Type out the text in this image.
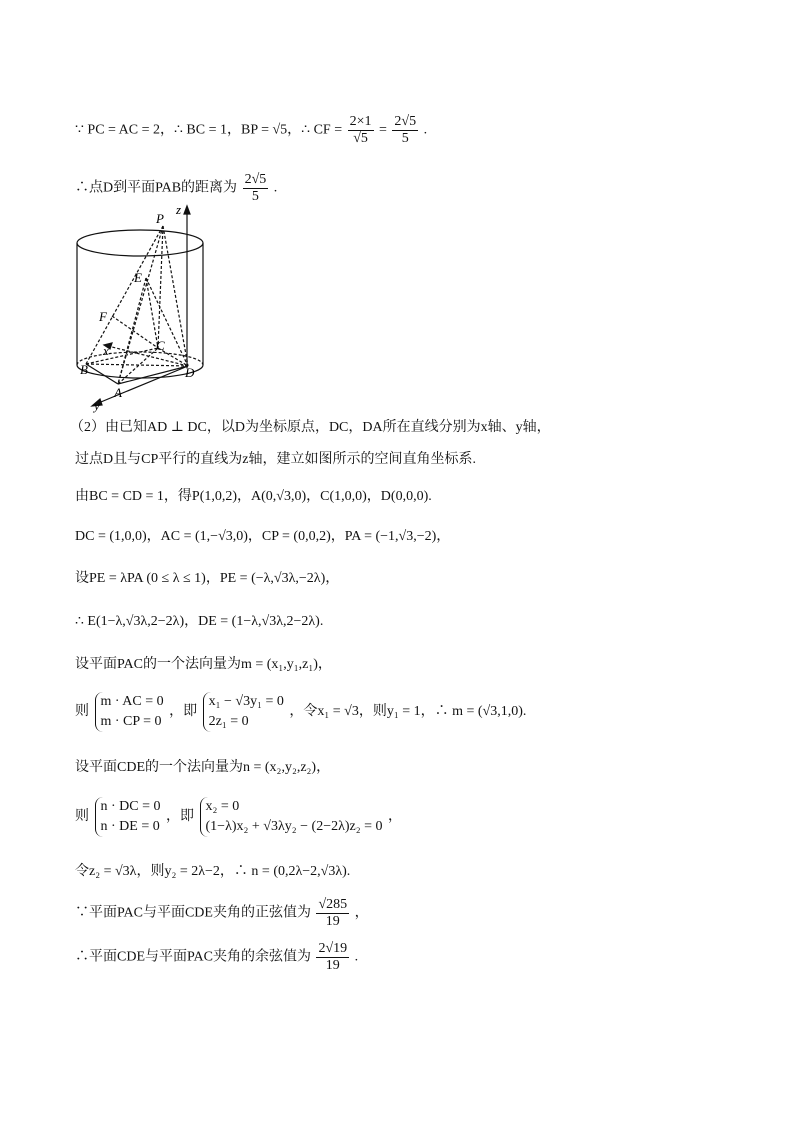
∵ PC = AC = 2，∴ BC = 1，BP = √5，∴ CF = $\frac{2\times 1}{√5} = \frac{2√5}{5}$ .
∴点D到平面PAB的距离为 $\frac{2√5}{5}$ .
P
z
E
F
C
x
B	D
A
y
（2）由已知AD ⊥ DC，以D为坐标原点，DC，DA所在直线分别为x轴、y轴，
过点D且与CP平行的直线为z轴，建立如图所示的空间直角坐标系.
由BC = CD = 1，得P(1,0,2)，A(0,√3,0)，C(1,0,0)，D(0,0,0).
DC = (1,0,0)，AC = (1,−√3,0)，CP = (0,0,2)，PA = (−1,√3,−2)，
设PE = λPA (0 ≤ λ ≤ 1)，PE = (−λ,√3λ,−2λ)，
∴ E(1−λ,√3λ,2−2λ)，DE = (1−λ,√3λ,2−2λ).
设平面PAC的一个法向量为m = (x₁,y₁,z₁)，
则
m · AC = 0
m · CP = 0
，即
x₁ − √3y₁ = 0
2z₁ = 0
，令x₁ = √3，则y₁ = 1，∴ m = (√3,1,0).
设平面CDE的一个法向量为n = (x₂,y₂,z₂)，
则
n · DC = 0
n · DE = 0
，即
x₂ = 0
(1−λ)x₂ + √3λy₂ − (2−2λ)z₂ = 0
，
令z₂ = √3λ，则y₂ = 2λ−2，∴ n = (0,2λ−2,√3λ).
∵平面PAC与平面CDE夹角的正弦值为 $\frac{√285}{19}$ ，
∴平面CDE与平面PAC夹角的余弦值为 $\frac{2√19}{19}$ .
